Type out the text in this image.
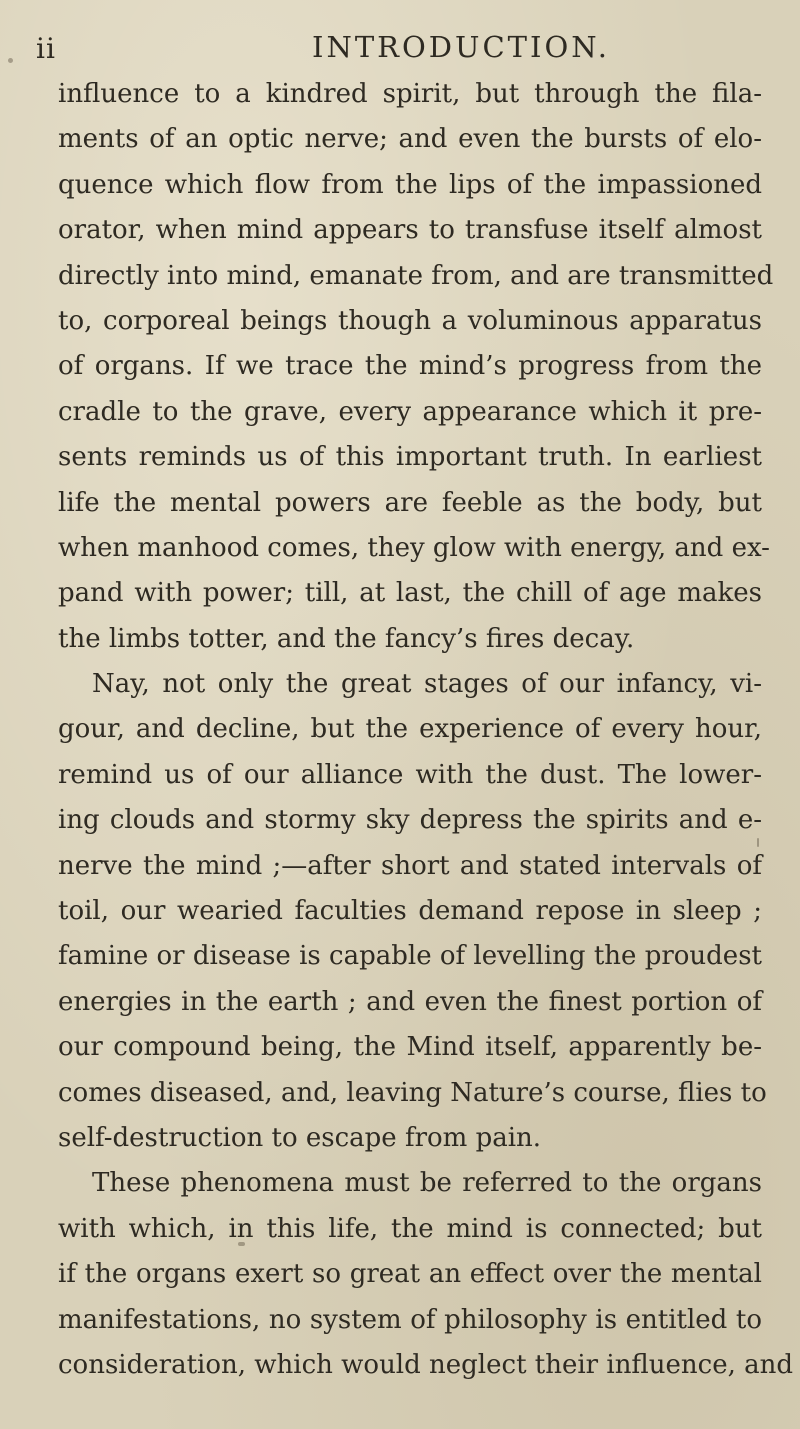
ii	INTRODUCTION.
influence to a kindred spirit, but through the fila-
ments of an optic nerve; and even the bursts of elo-
quence which flow from the lips of the impassioned
orator, when mind appears to transfuse itself almost
directly into mind, emanate from, and are transmitted
to, corporeal beings though a voluminous apparatus
of organs. If we trace the mind’s progress from the
cradle to the grave, every appearance which it pre-
sents reminds us of this important truth. In earliest
life the mental powers are feeble as the body, but
when manhood comes, they glow with energy, and ex-
pand with power; till, at last, the chill of age makes
the limbs totter, and the fancy’s fires decay.
Nay, not only the great stages of our infancy, vi-
gour, and decline, but the experience of every hour,
remind us of our alliance with the dust. The lower-
ing clouds and stormy sky depress the spirits and e-
nerve the mind ;—after short and stated intervals of
toil, our wearied faculties demand repose in sleep ;
famine or disease is capable of levelling the proudest
energies in the earth ; and even the finest portion of
our compound being, the Mind itself, apparently be-
comes diseased, and, leaving Nature’s course, flies to
self-destruction to escape from pain.
These phenomena must be referred to the organs
with which, in this life, the mind is connected; but
if the organs exert so great an effect over the mental
manifestations, no system of philosophy is entitled to
consideration, which would neglect their influence, and
